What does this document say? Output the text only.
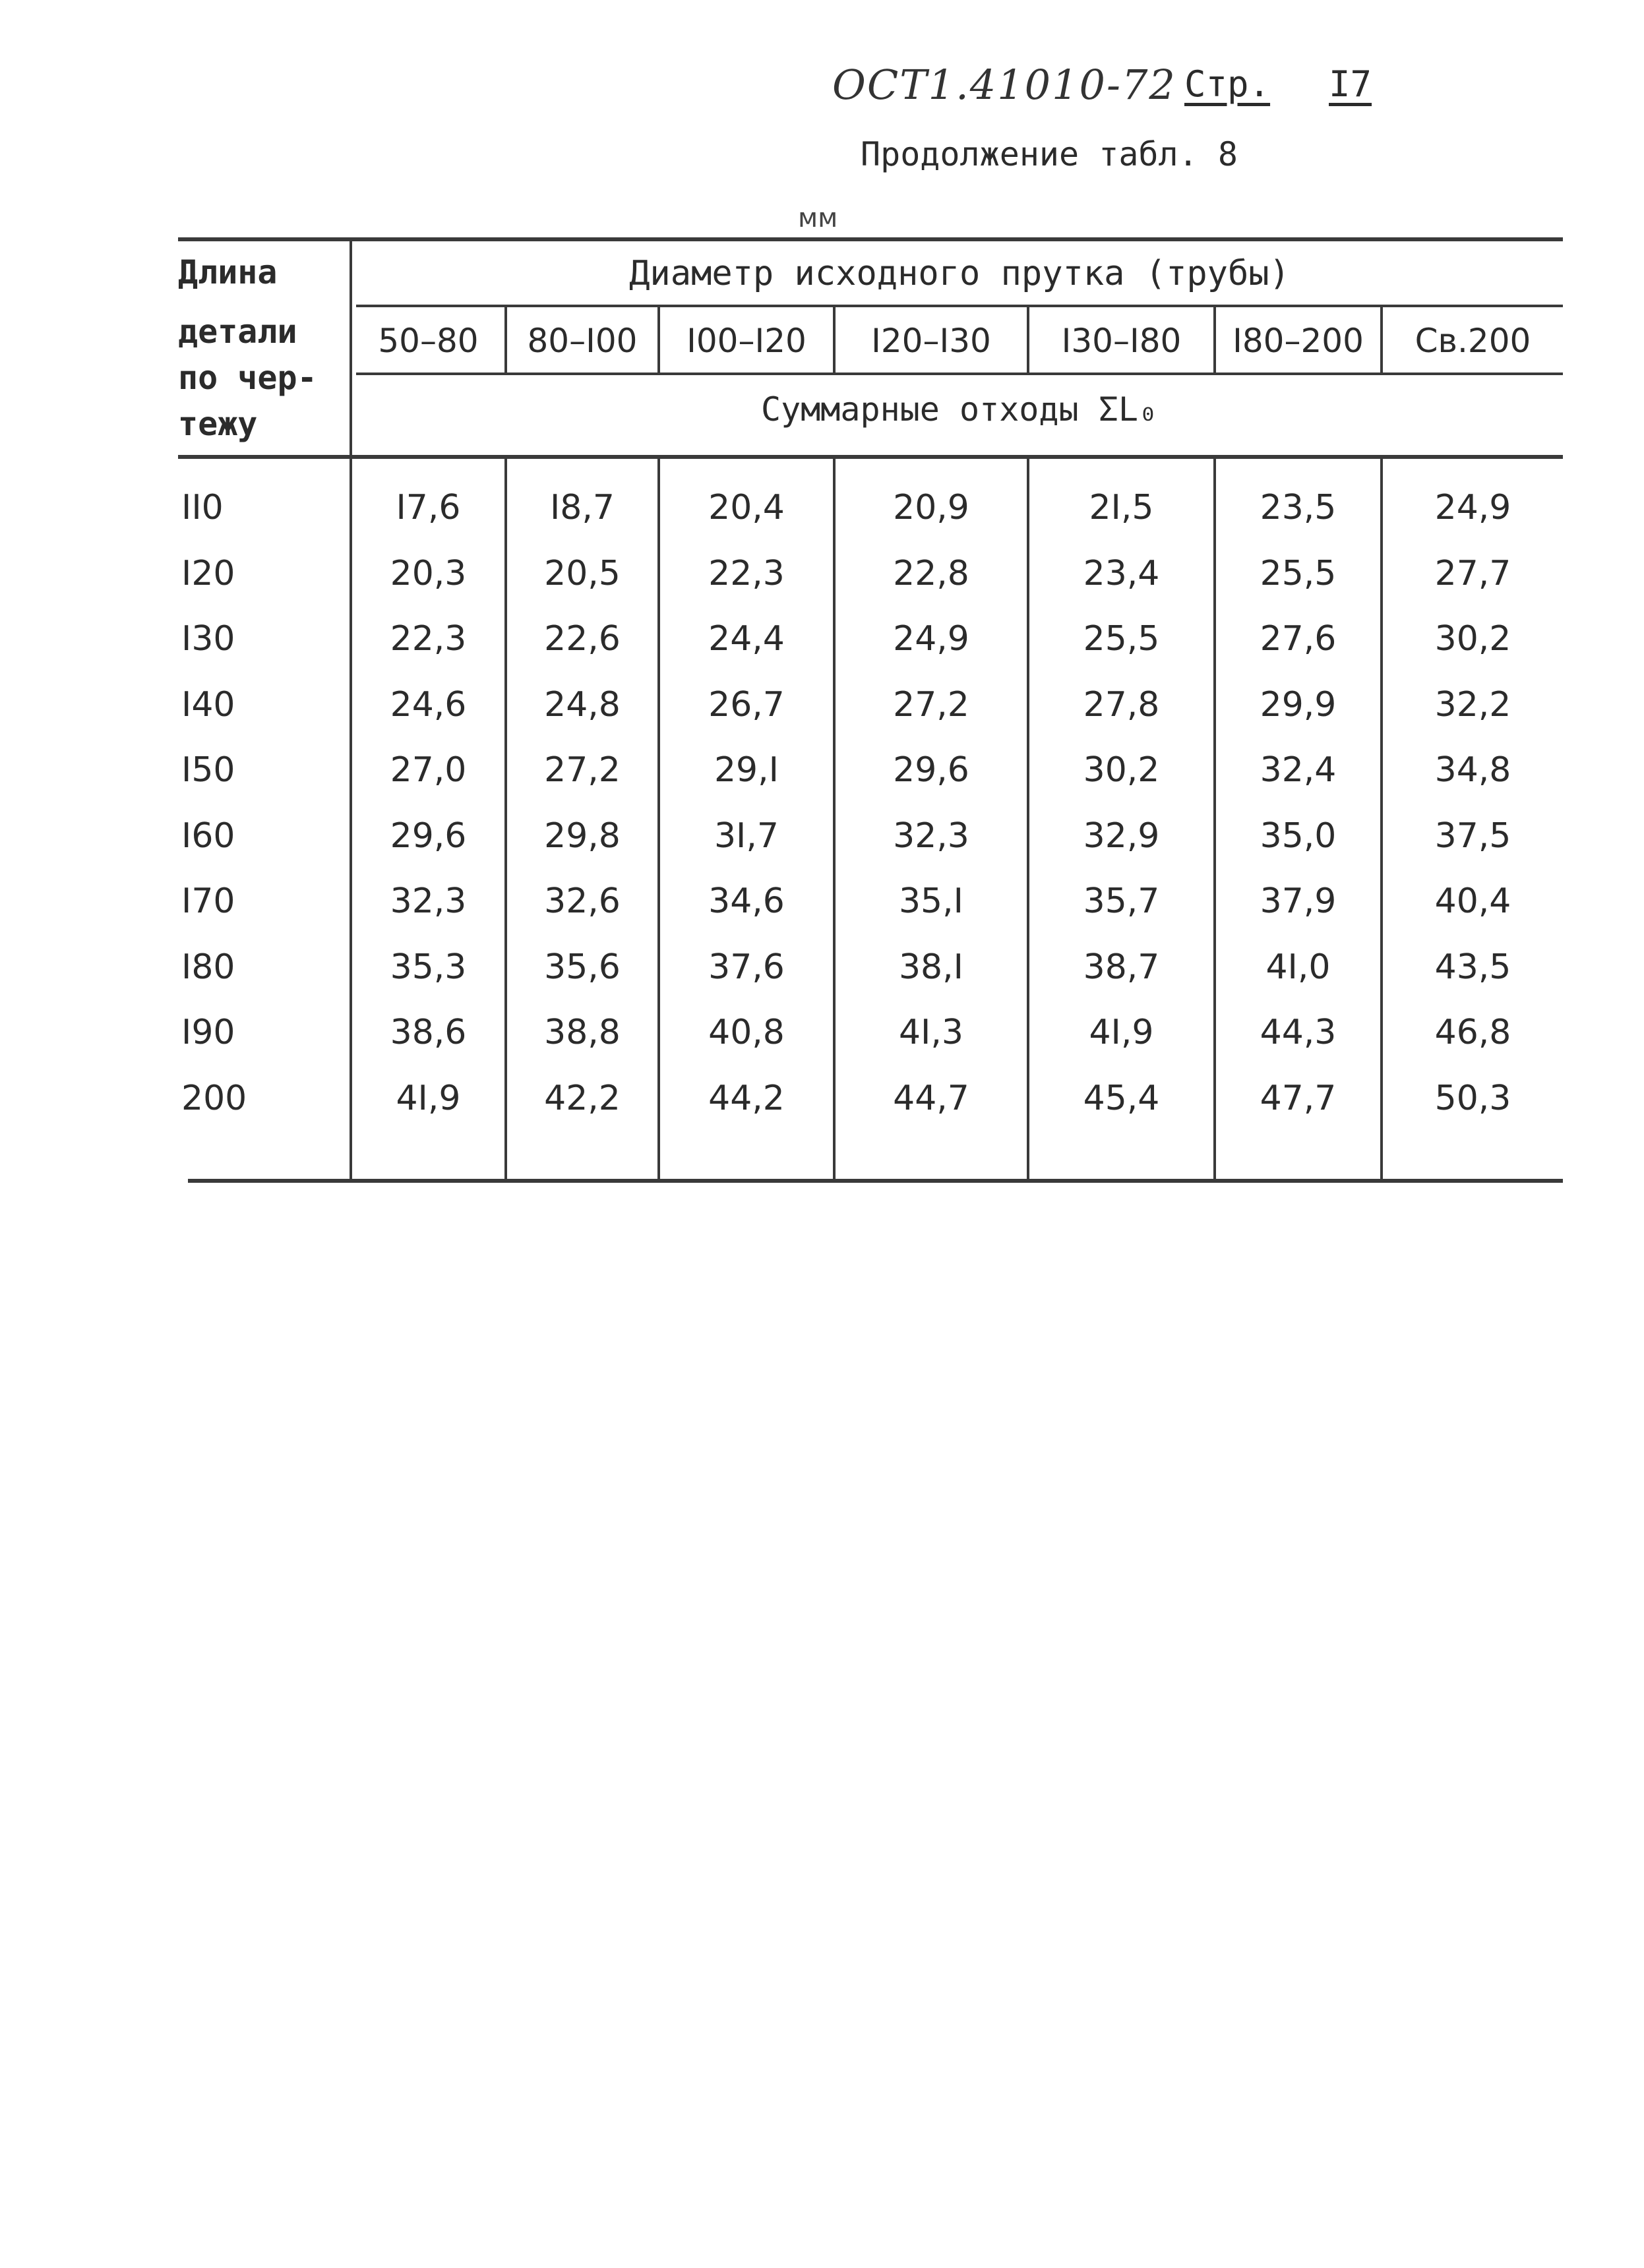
ОСТ1.41010-72 Стр. I7
Продолжение табл. 8
мм
Длина
детали
по чер-
тежу
Диаметр исходного прутка (трубы)
50–80	80–I00	I00–I20	I20–I30	I30–I80	I80–200	Св.200
Суммарные отходы ΣL₀
II0	I7,6	I8,7	20,4	20,9	2I,5	23,5	24,9
I20	20,3	20,5	22,3	22,8	23,4	25,5	27,7
I30	22,3	22,6	24,4	24,9	25,5	27,6	30,2
I40	24,6	24,8	26,7	27,2	27,8	29,9	32,2
I50	27,0	27,2	29,I	29,6	30,2	32,4	34,8
I60	29,6	29,8	3I,7	32,3	32,9	35,0	37,5
I70	32,3	32,6	34,6	35,I	35,7	37,9	40,4
I80	35,3	35,6	37,6	38,I	38,7	4I,0	43,5
I90	38,6	38,8	40,8	4I,3	4I,9	44,3	46,8
200	4I,9	42,2	44,2	44,7	45,4	47,7	50,3
